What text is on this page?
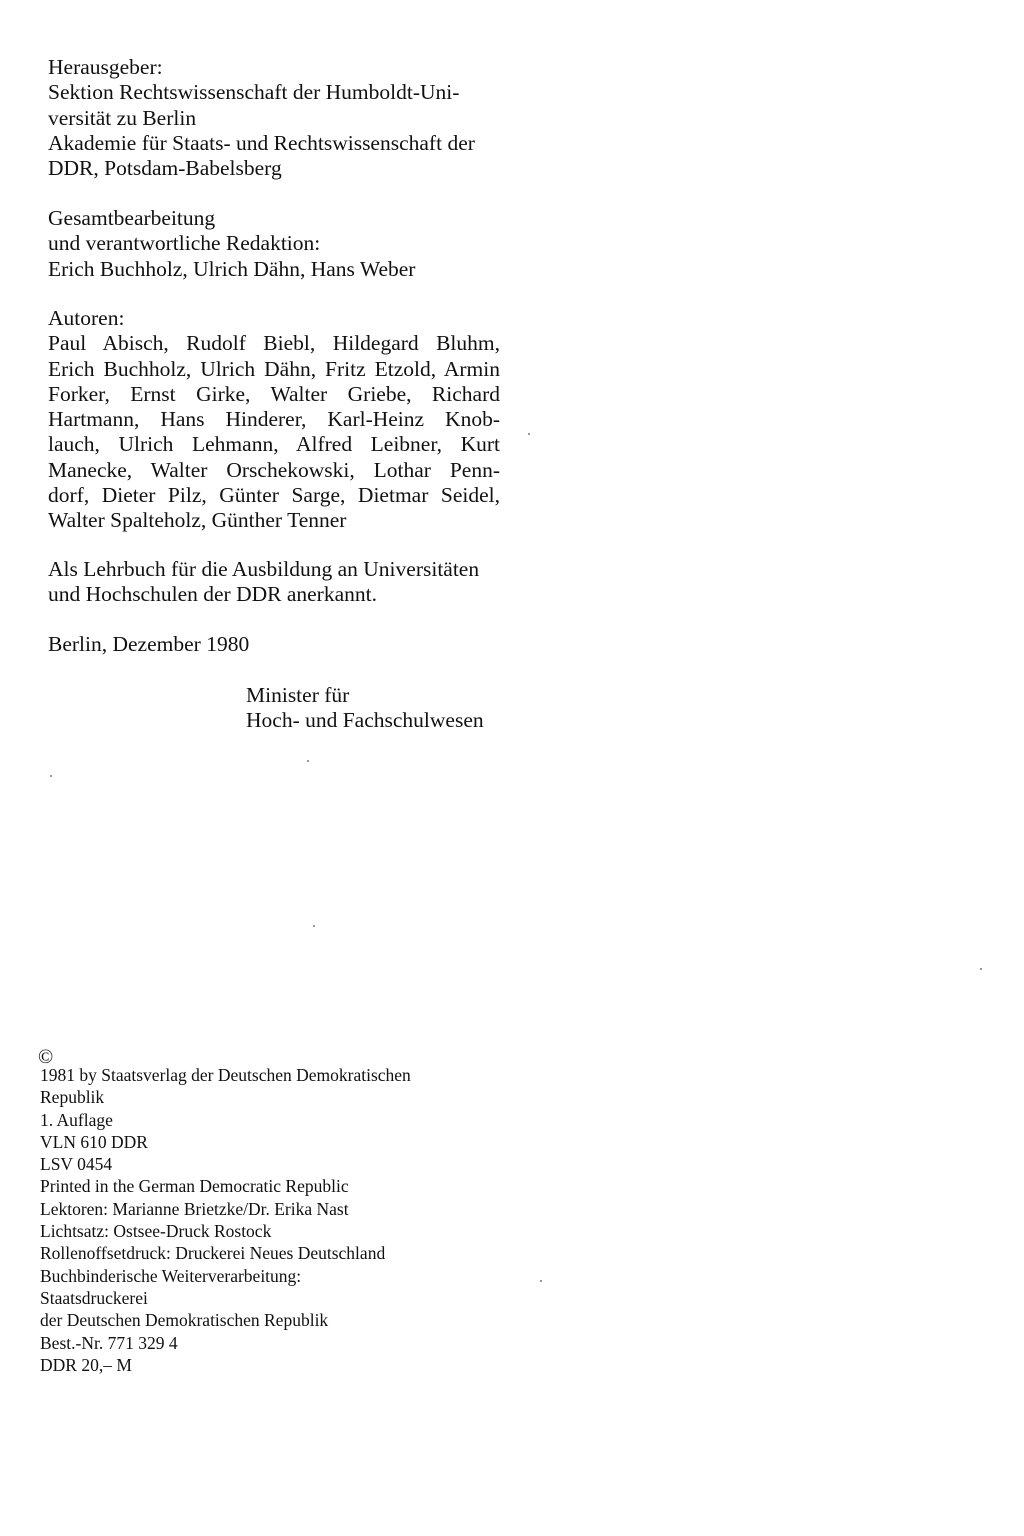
Herausgeber:

Sektion Rechtswissenschaft der Humboldt-Uni-

versität zu Berlin

Akademie für Staats- und Rechtswissenschaft der

DDR, Potsdam-Babelsberg

Gesamtbearbeitung

und verantwortliche Redaktion:

Erich Buchholz, Ulrich Dähn, Hans Weber

Autoren:

Paul Abisch, Rudolf Biebl, Hildegard Bluhm,

Erich Buchholz, Ulrich Dähn, Fritz Etzold, Armin

Forker, Ernst Girke, Walter Griebe, Richard

Hartmann, Hans Hinderer, Karl-Heinz Knob-

lauch, Ulrich Lehmann, Alfred Leibner, Kurt

Manecke, Walter Orschekowski, Lothar Penn-

dorf, Dieter Pilz, Günter Sarge, Dietmar Seidel,

Walter Spalteholz, Günther Tenner

Als Lehrbuch für die Ausbildung an Universitäten

und Hochschulen der DDR anerkannt.

Berlin, Dezember 1980

Minister für

Hoch- und Fachschulwesen

©

1981 by Staatsverlag der Deutschen Demokratischen

Republik

1. Auflage

VLN 610 DDR

LSV 0454

Printed in the German Democratic Republic

Lektoren: Marianne Brietzke/Dr. Erika Nast

Lichtsatz: Ostsee-Druck Rostock

Rollenoffsetdruck: Druckerei Neues Deutschland

Buchbinderische Weiterverarbeitung:

Staatsdruckerei

der Deutschen Demokratischen Republik

Best.-Nr. 771 329 4

DDR 20,– M
